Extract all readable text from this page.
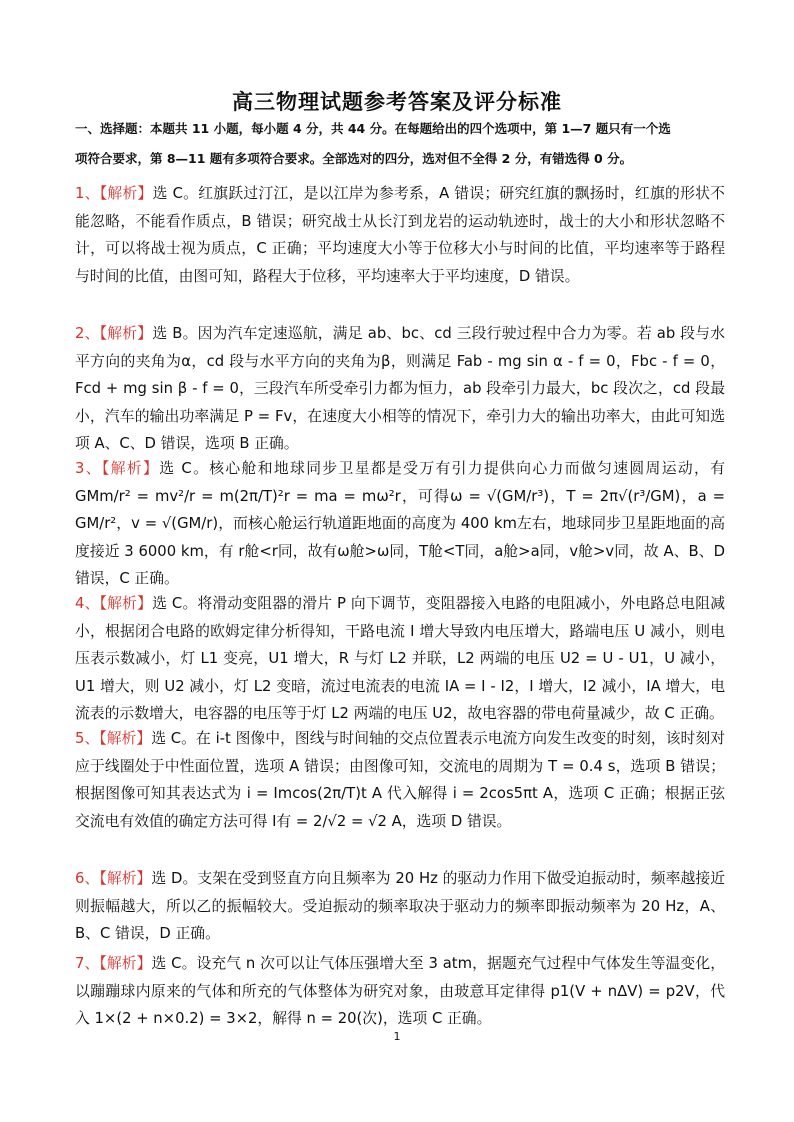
高三物理试题参考答案及评分标准
一、选择题：本题共 11 小题，每小题 4 分，共 44 分。在每题给出的四个选项中，第 1—7 题只有一个选
项符合要求，第 8—11 题有多项符合要求。全部选对的四分，选对但不全得 2 分，有错选得 0 分。
1、【解析】选 C。红旗跃过汀江，是以江岸为参考系，A 错误；研究红旗的飘扬时，红旗的形状不能忽略，不能看作质点，B 错误；研究战士从长汀到龙岩的运动轨迹时，战士的大小和形状忽略不计，可以将战士视为质点，C 正确；平均速度大小等于位移大小与时间的比值，平均速率等于路程与时间的比值，由图可知，路程大于位移，平均速率大于平均速度，D 错误。
2、【解析】选 B。因为汽车定速巡航，满足 ab、bc、cd 三段行驶过程中合力为零。若 ab 段与水平方向的夹角为α，cd 段与水平方向的夹角为β，则满足 Fab - mg sin α - f = 0，Fbc - f = 0，Fcd + mg sin β - f = 0，三段汽车所受牵引力都为恒力，ab 段牵引力最大，bc 段次之，cd 段最小，汽车的输出功率满足 P = Fv，在速度大小相等的情况下，牵引力大的输出功率大，由此可知选项 A、C、D 错误，选项 B 正确。
3、【解析】选 C。核心舱和地球同步卫星都是受万有引力提供向心力而做匀速圆周运动，有 GMm/r² = mv²/r = m(2π/T)²r = ma = mω²r，可得ω = √(GM/r³)，T = 2π√(r³/GM)，a = GM/r²，v = √(GM/r)，而核心舱运行轨道距地面的高度为 400 km左右，地球同步卫星距地面的高度接近 3 6000 km，有 r舱<r同，故有ω舱>ω同，T舱<T同，a舱>a同，v舱>v同，故 A、B、D 错误，C 正确。
4、【解析】选 C。将滑动变阻器的滑片 P 向下调节，变阻器接入电路的电阻减小，外电路总电阻减小，根据闭合电路的欧姆定律分析得知，干路电流 I 增大导致内电压增大，路端电压 U 减小，则电压表示数减小，灯 L1 变亮，U1 增大，R 与灯 L2 并联，L2 两端的电压 U2 = U - U1，U 减小，U1 增大，则 U2 减小，灯 L2 变暗，流过电流表的电流 IA = I - I2，I 增大，I2 减小，IA 增大，电流表的示数增大，电容器的电压等于灯 L2 两端的电压 U2，故电容器的带电荷量减少，故 C 正确。
5、【解析】选 C。在 i-t 图像中，图线与时间轴的交点位置表示电流方向发生改变的时刻，该时刻对应于线圈处于中性面位置，选项 A 错误；由图像可知，交流电的周期为 T = 0.4 s，选项 B 错误；根据图像可知其表达式为 i = Imcos(2π/T)t A 代入解得 i = 2cos5πt A，选项 C 正确；根据正弦交流电有效值的确定方法可得 I有 = 2/√2 = √2 A，选项 D 错误。
6、【解析】选 D。支架在受到竖直方向且频率为 20 Hz 的驱动力作用下做受迫振动时，频率越接近则振幅越大，所以乙的振幅较大。受迫振动的频率取决于驱动力的频率即振动频率为 20 Hz，A、B、C 错误，D 正确。
7、【解析】选 C。设充气 n 次可以让气体压强增大至 3 atm，据题充气过程中气体发生等温变化，以蹦蹦球内原来的气体和所充的气体整体为研究对象，由玻意耳定律得 p1(V + nΔV) = p2V，代入 1×(2 + n×0.2) = 3×2，解得 n = 20(次)，选项 C 正确。
1
